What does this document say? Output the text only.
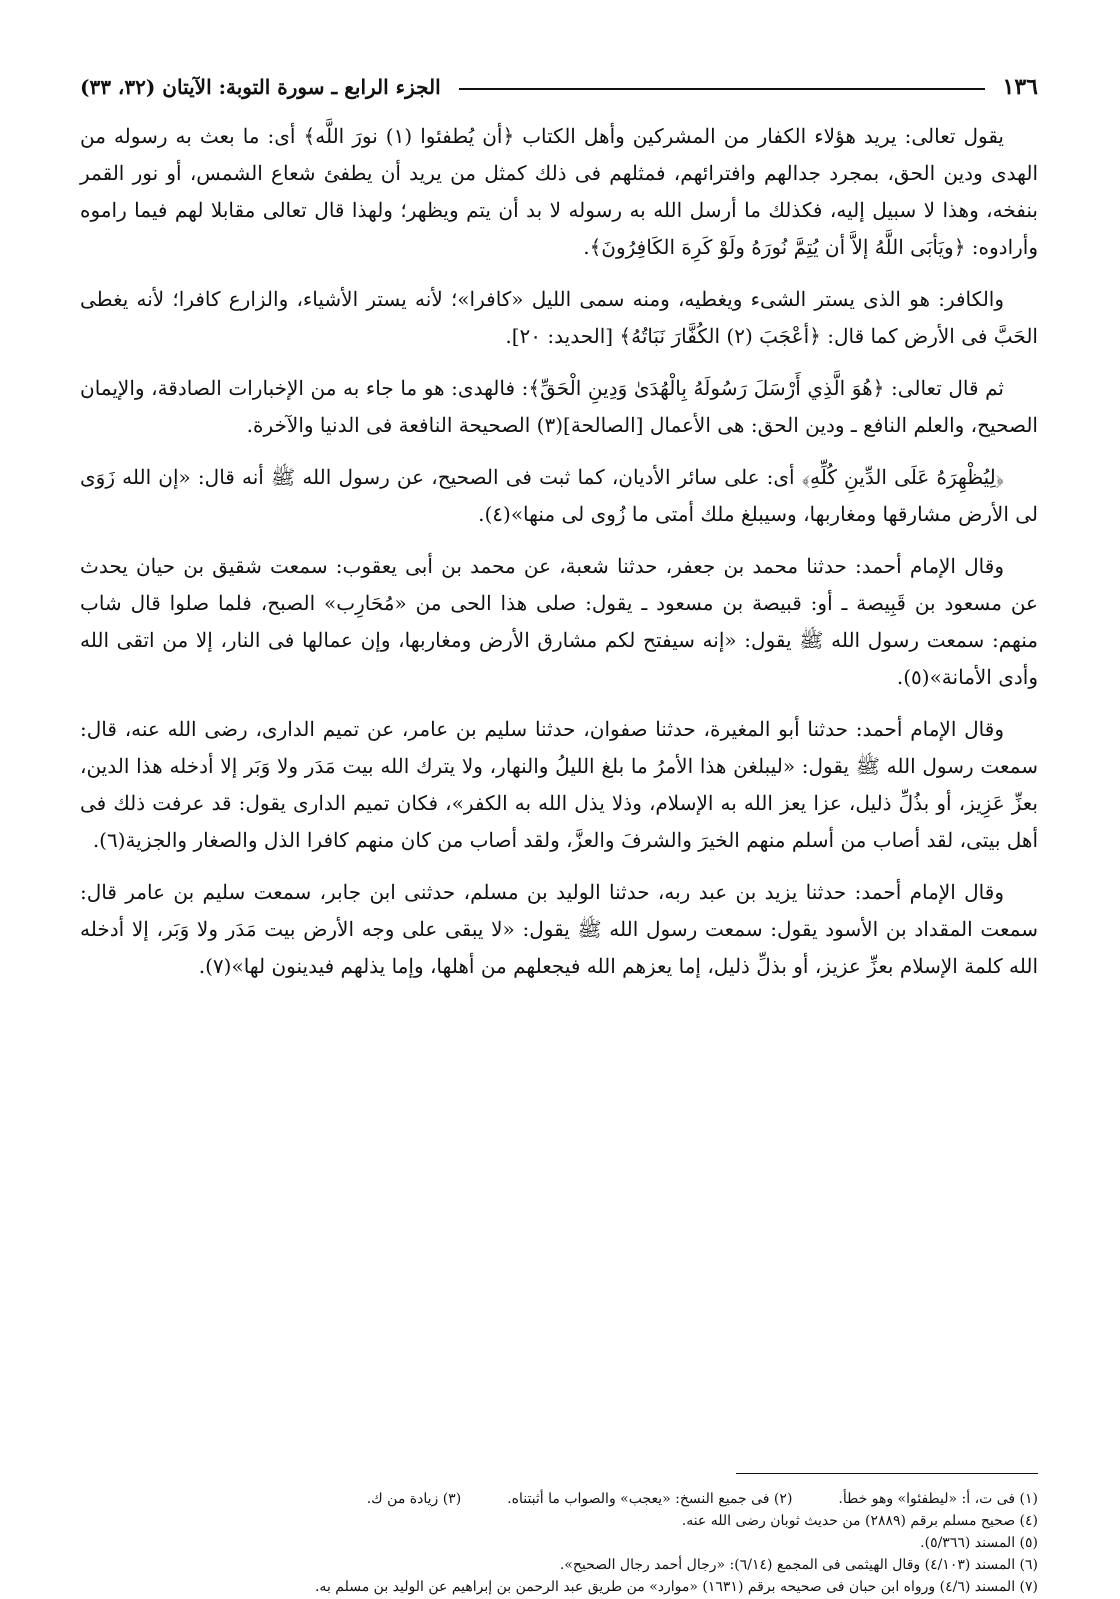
١٣٦
الجزء الرابع ـ سورة التوبة: الآيتان (٣٢، ٣٣)

يقول تعالى: يريد هؤلاء الكفار من المشركين وأهل الكتاب ﴿أن يُطفئوا (١) نورَ اللَّه﴾ أى: ما بعث به رسوله من الهدى ودين الحق، بمجرد جدالهم وافترائهم، فمثلهم فى ذلك كمثل من يريد أن يطفئ شعاع الشمس، أو نور القمر بنفخه، وهذا لا سبيل إليه، فكذلك ما أرسل الله به رسوله لا بد أن يتم ويظهر؛ ولهذا قال تعالى مقابلا لهم فيما راموه وأرادوه: ﴿ويَأبَى اللَّهُ إلاَّ أن يُتِمَّ نُورَهُ ولَوْ كَرِهَ الكَافِرُونَ﴾.

والكافر: هو الذى يستر الشىء ويغطيه، ومنه سمى الليل «كافرا»؛ لأنه يستر الأشياء، والزارع كافرا؛ لأنه يغطى الحَبَّ فى الأرض كما قال: ﴿أعْجَبَ (٢) الكُفَّارَ نَبَاتُهُ﴾ [الحديد: ٢٠].

ثم قال تعالى: ﴿هُوَ الَّذِي أَرْسَلَ رَسُولَهُ بِالْهُدَىٰ وَدِينِ الْحَقِّ﴾: فالهدى: هو ما جاء به من الإخبارات الصادقة، والإيمان الصحيح، والعلم النافع ـ ودين الحق: هى الأعمال [الصالحة](٣) الصحيحة النافعة فى الدنيا والآخرة.

﴿لِيُظْهِرَهُ عَلَى الدِّينِ كُلِّهِ﴾ أى: على سائر الأديان، كما ثبت فى الصحيح، عن رسول الله ﷺ أنه قال: «إن الله زَوَى لى الأرض مشارقها ومغاربها، وسيبلغ ملك أمتى ما زُوى لى منها»(٤).

وقال الإمام أحمد: حدثنا محمد بن جعفر، حدثنا شعبة، عن محمد بن أبى يعقوب: سمعت شقيق بن حيان يحدث عن مسعود بن قَبِيصة ـ أو: قبيصة بن مسعود ـ يقول: صلى هذا الحى من «مُحَارِب» الصبح، فلما صلوا قال شاب منهم: سمعت رسول الله ﷺ يقول: «إنه سيفتح لكم مشارق الأرض ومغاربها، وإن عمالها فى النار، إلا من اتقى الله وأدى الأمانة»(٥).

وقال الإمام أحمد: حدثنا أبو المغيرة، حدثنا صفوان، حدثنا سليم بن عامر، عن تميم الدارى، رضى الله عنه، قال: سمعت رسول الله ﷺ يقول: «ليبلغن هذا الأمرُ ما بلغ الليلُ والنهار، ولا يترك الله بيت مَدَر ولا وَبَر إلا أدخله هذا الدين، بعزِّ عَزِيز، أو بذُلِّ ذليل، عزا يعز الله به الإسلام، وذلا يذل الله به الكفر»، فكان تميم الدارى يقول: قد عرفت ذلك فى أهل بيتى، لقد أصاب من أسلم منهم الخيرَ والشرفَ والعزَّ، ولقد أصاب من كان منهم كافرا الذل والصغار والجزية(٦).

وقال الإمام أحمد: حدثنا يزيد بن عبد ربه، حدثنا الوليد بن مسلم، حدثنى ابن جابر، سمعت سليم بن عامر قال: سمعت المقداد بن الأسود يقول: سمعت رسول الله ﷺ يقول: «لا يبقى على وجه الأرض بيت مَدَر ولا وَبَر، إلا أدخله الله كلمة الإسلام بعزِّ عزيز، أو بذلِّ ذليل، إما يعزهم الله فيجعلهم من أهلها، وإما يذلهم فيدينون لها»(٧).

(١) فى ت، أ: «ليطفئوا» وهو خطأ.
(٢) فى جميع النسخ: «يعجب» والصواب ما أثبتناه.
(٣) زيادة من ك.
(٤) صحيح مسلم برقم (٢٨٨٩) من حديث ثوبان رضى الله عنه.
(٥) المسند (٥/٣٦٦).
(٦) المسند (٤/١٠٣) وقال الهيثمى فى المجمع (٦/١٤): «رجال أحمد رجال الصحيح».
(٧) المسند (٤/٦) ورواه ابن حبان فى صحيحه برقم (١٦٣١) «موارد» من طريق عبد الرحمن بن إبراهيم عن الوليد بن مسلم به.
